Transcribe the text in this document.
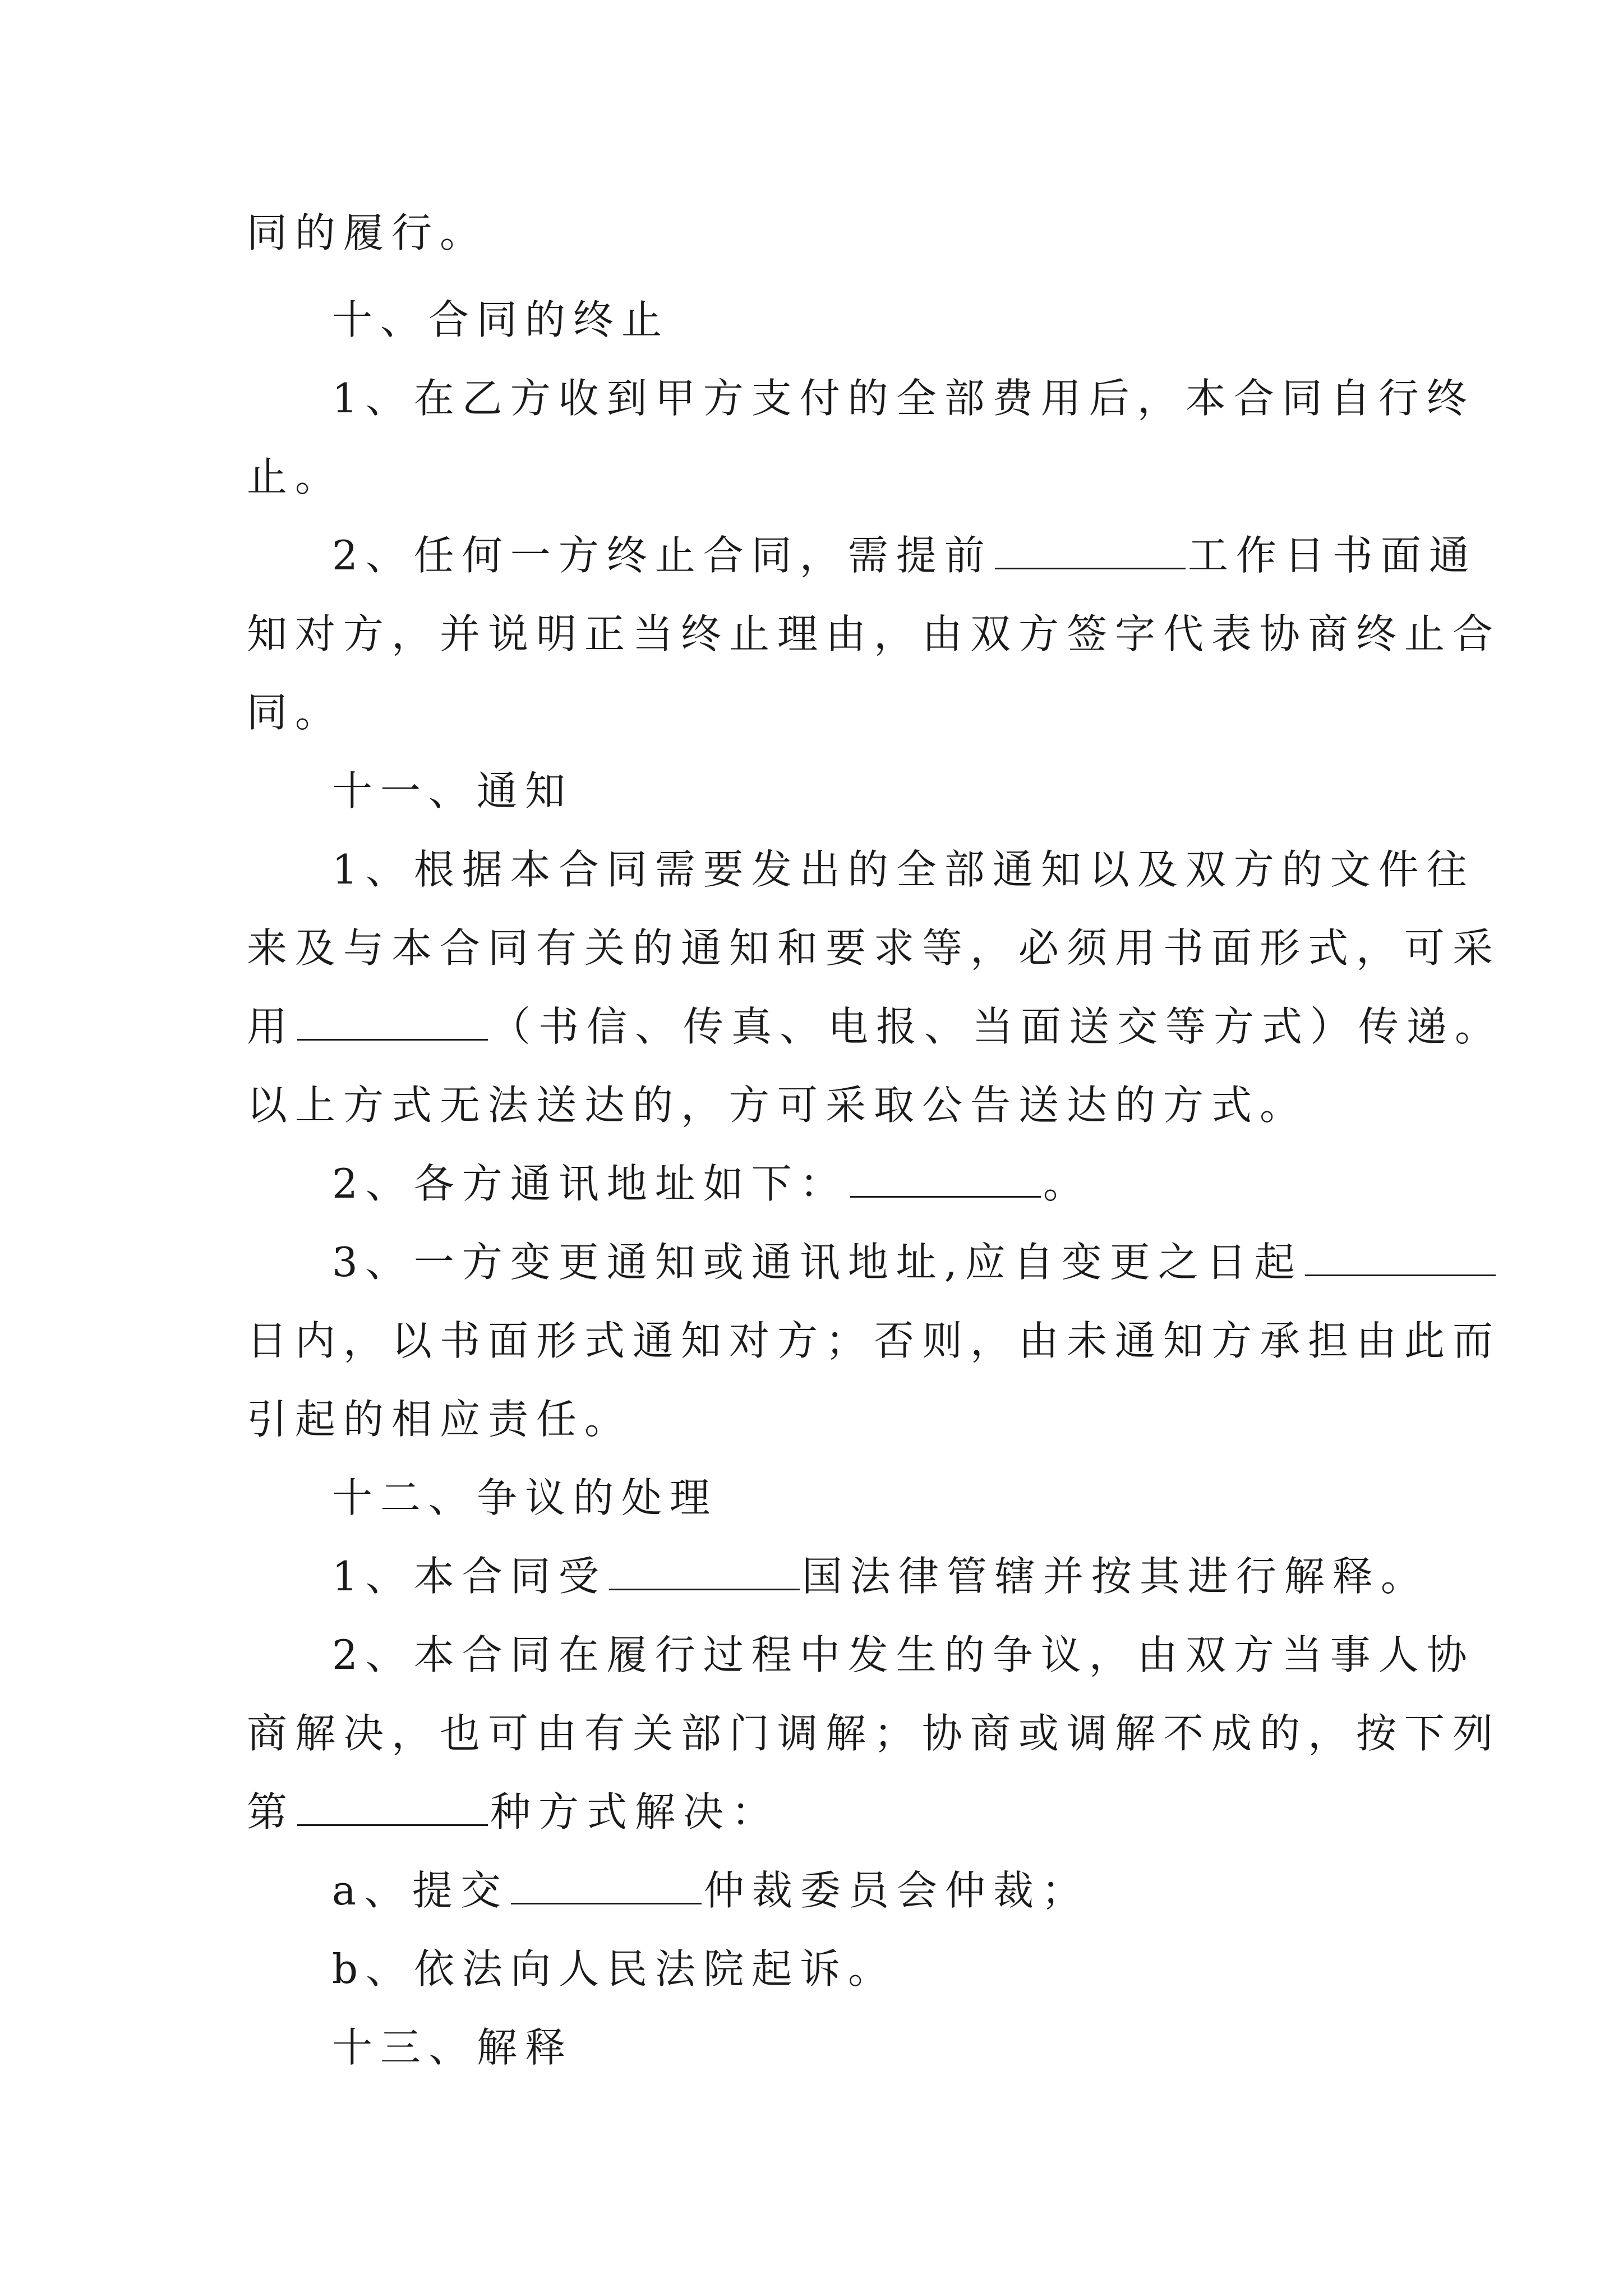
同的履行。
十、合同的终止
1、在乙方收到甲方支付的全部费用后，本合同自行终
止。
2、任何一方终止合同，需提前	工作日书面通
知对方，并说明正当终止理由，由双方签字代表协商终止合
同。
十一、通知
1、根据本合同需要发出的全部通知以及双方的文件往
来及与本合同有关的通知和要求等，必须用书面形式，可采
用	（书信、传真、电报、当面送交等方式）传递。
以上方式无法送达的，方可采取公告送达的方式。
2、各方通讯地址如下：	。
3、一方变更通知或通讯地址,应自变更之日起
日内，以书面形式通知对方；否则，由未通知方承担由此而
引起的相应责任。
十二、争议的处理
1、本合同受	国法律管辖并按其进行解释。
2、本合同在履行过程中发生的争议，由双方当事人协
商解决，也可由有关部门调解；协商或调解不成的，按下列
第	种方式解决：
a、提交	仲裁委员会仲裁；
b、依法向人民法院起诉。
十三、解释
